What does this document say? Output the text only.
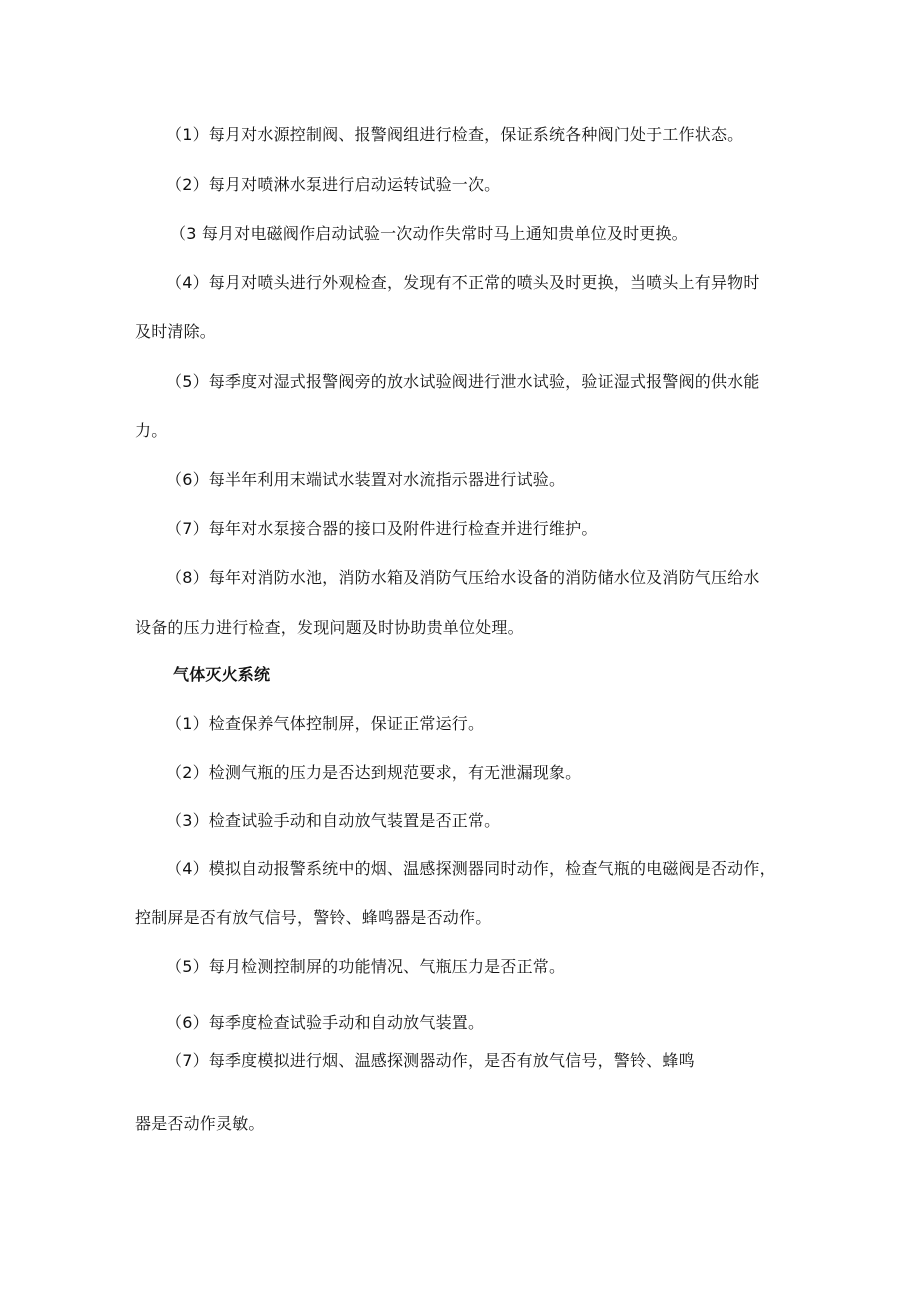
（1）每月对水源控制阀、报警阀组进行检查，保证系统各种阀门处于工作状态。
（2）每月对喷淋水泵进行启动运转试验一次。
（3 每月对电磁阀作启动试验一次动作失常时马上通知贵单位及时更换。
（4）每月对喷头进行外观检查，发现有不正常的喷头及时更换，当喷头上有异物时
及时清除。
（5）每季度对湿式报警阀旁的放水试验阀进行泄水试验，验证湿式报警阀的供水能
力。
（6）每半年利用末端试水装置对水流指示器进行试验。
（7）每年对水泵接合器的接口及附件进行检查并进行维护。
（8）每年对消防水池，消防水箱及消防气压给水设备的消防储水位及消防气压给水
设备的压力进行检查，发现问题及时协助贵单位处理。
气体灭火系统
（1）检查保养气体控制屏，保证正常运行。
（2）检测气瓶的压力是否达到规范要求，有无泄漏现象。
（3）检查试验手动和自动放气装置是否正常。
（4）模拟自动报警系统中的烟、温感探测器同时动作，检查气瓶的电磁阀是否动作，
控制屏是否有放气信号，警铃、蜂鸣器是否动作。
（5）每月检测控制屏的功能情况、气瓶压力是否正常。
（6）每季度检查试验手动和自动放气装置。
（7）每季度模拟进行烟、温感探测器动作，是否有放气信号，警铃、蜂鸣
器是否动作灵敏。
